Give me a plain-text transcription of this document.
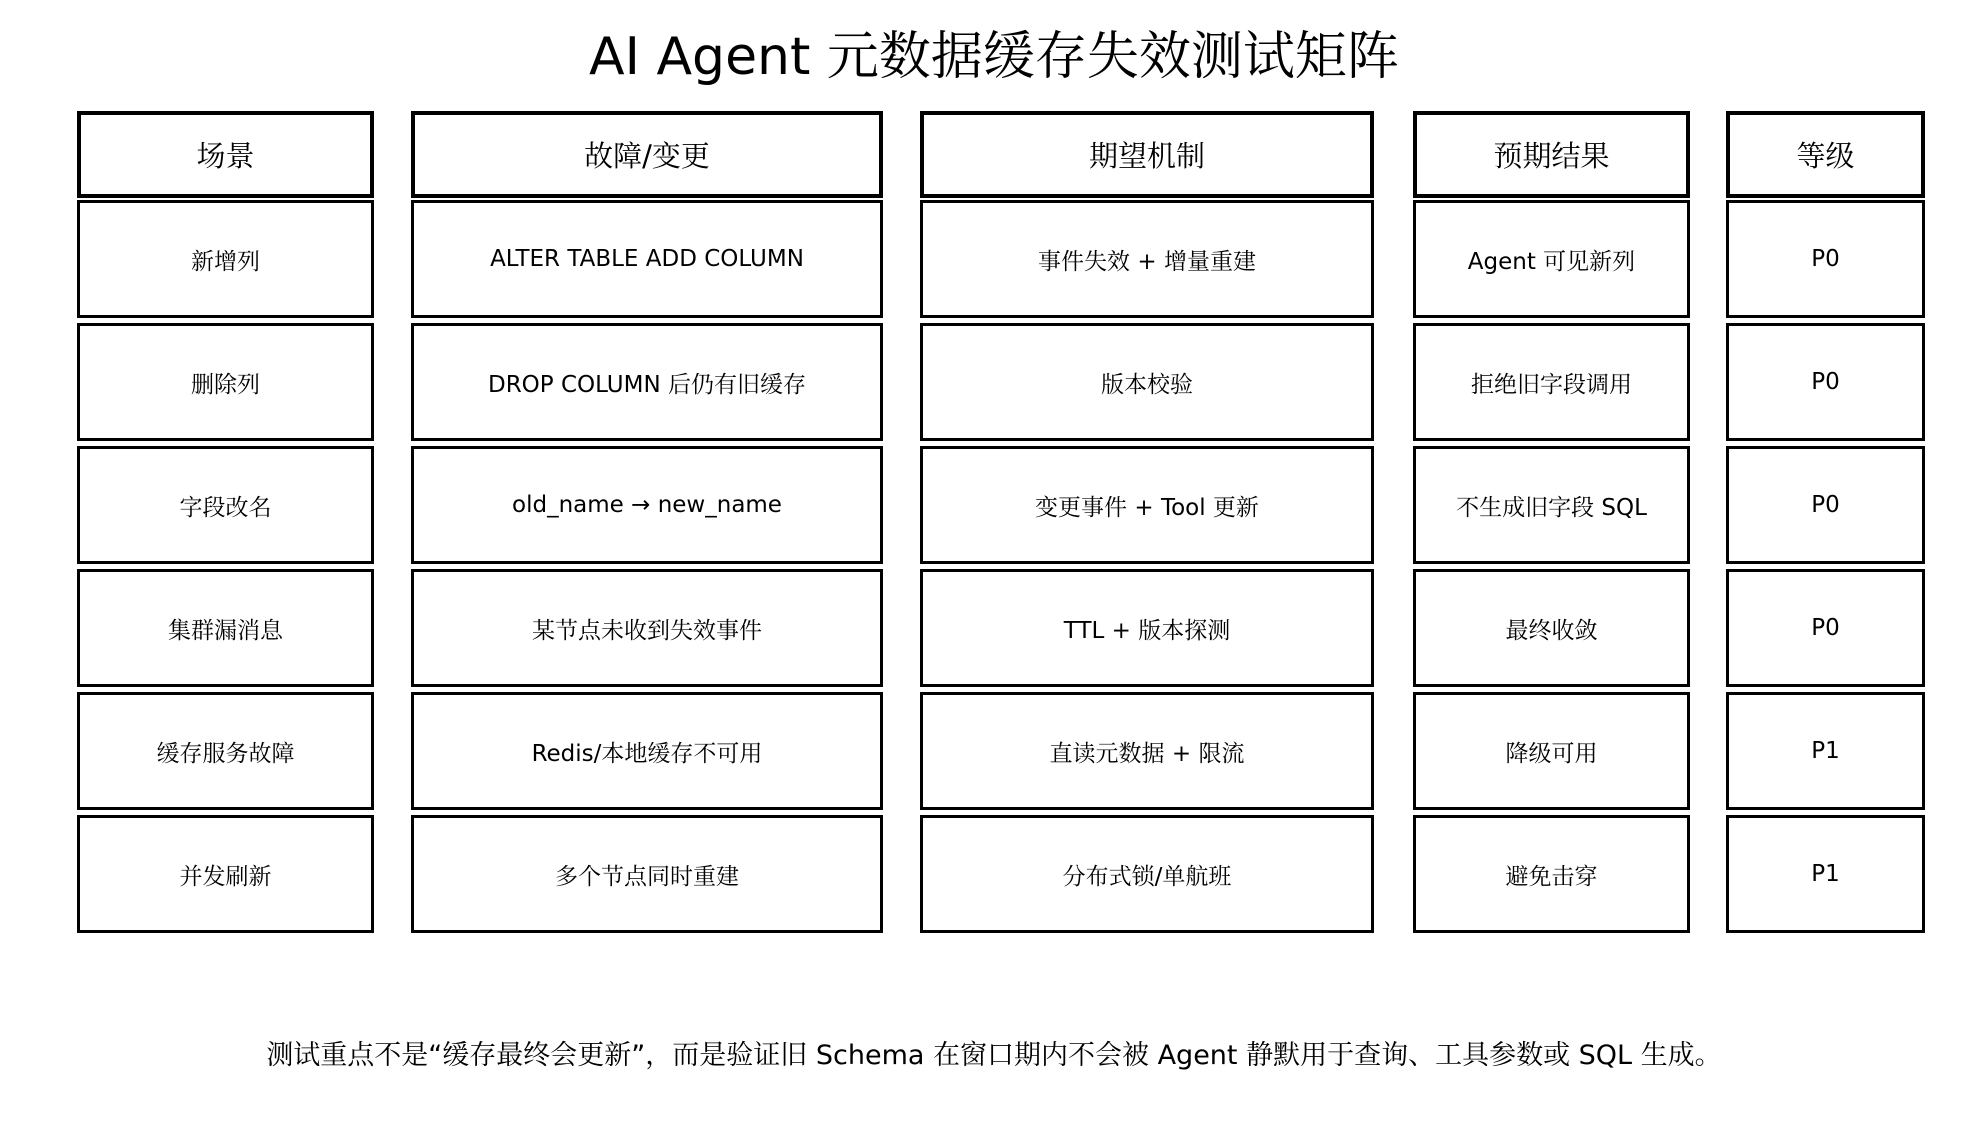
AI Agent 元数据缓存失效测试矩阵
场景	故障/变更	期望机制	预期结果	等级
新增列	ALTER TABLE ADD COLUMN	事件失效 + 增量重建	Agent 可见新列	P0
删除列	DROP COLUMN 后仍有旧缓存	版本校验	拒绝旧字段调用	P0
字段改名	old_name → new_name	变更事件 + Tool 更新	不生成旧字段 SQL	P0
集群漏消息	某节点未收到失效事件	TTL + 版本探测	最终收敛	P0
缓存服务故障	Redis/本地缓存不可用	直读元数据 + 限流	降级可用	P1
并发刷新	多个节点同时重建	分布式锁/单航班	避免击穿	P1
测试重点不是“缓存最终会更新”，而是验证旧 Schema 在窗口期内不会被 Agent 静默用于查询、工具参数或 SQL 生成。
